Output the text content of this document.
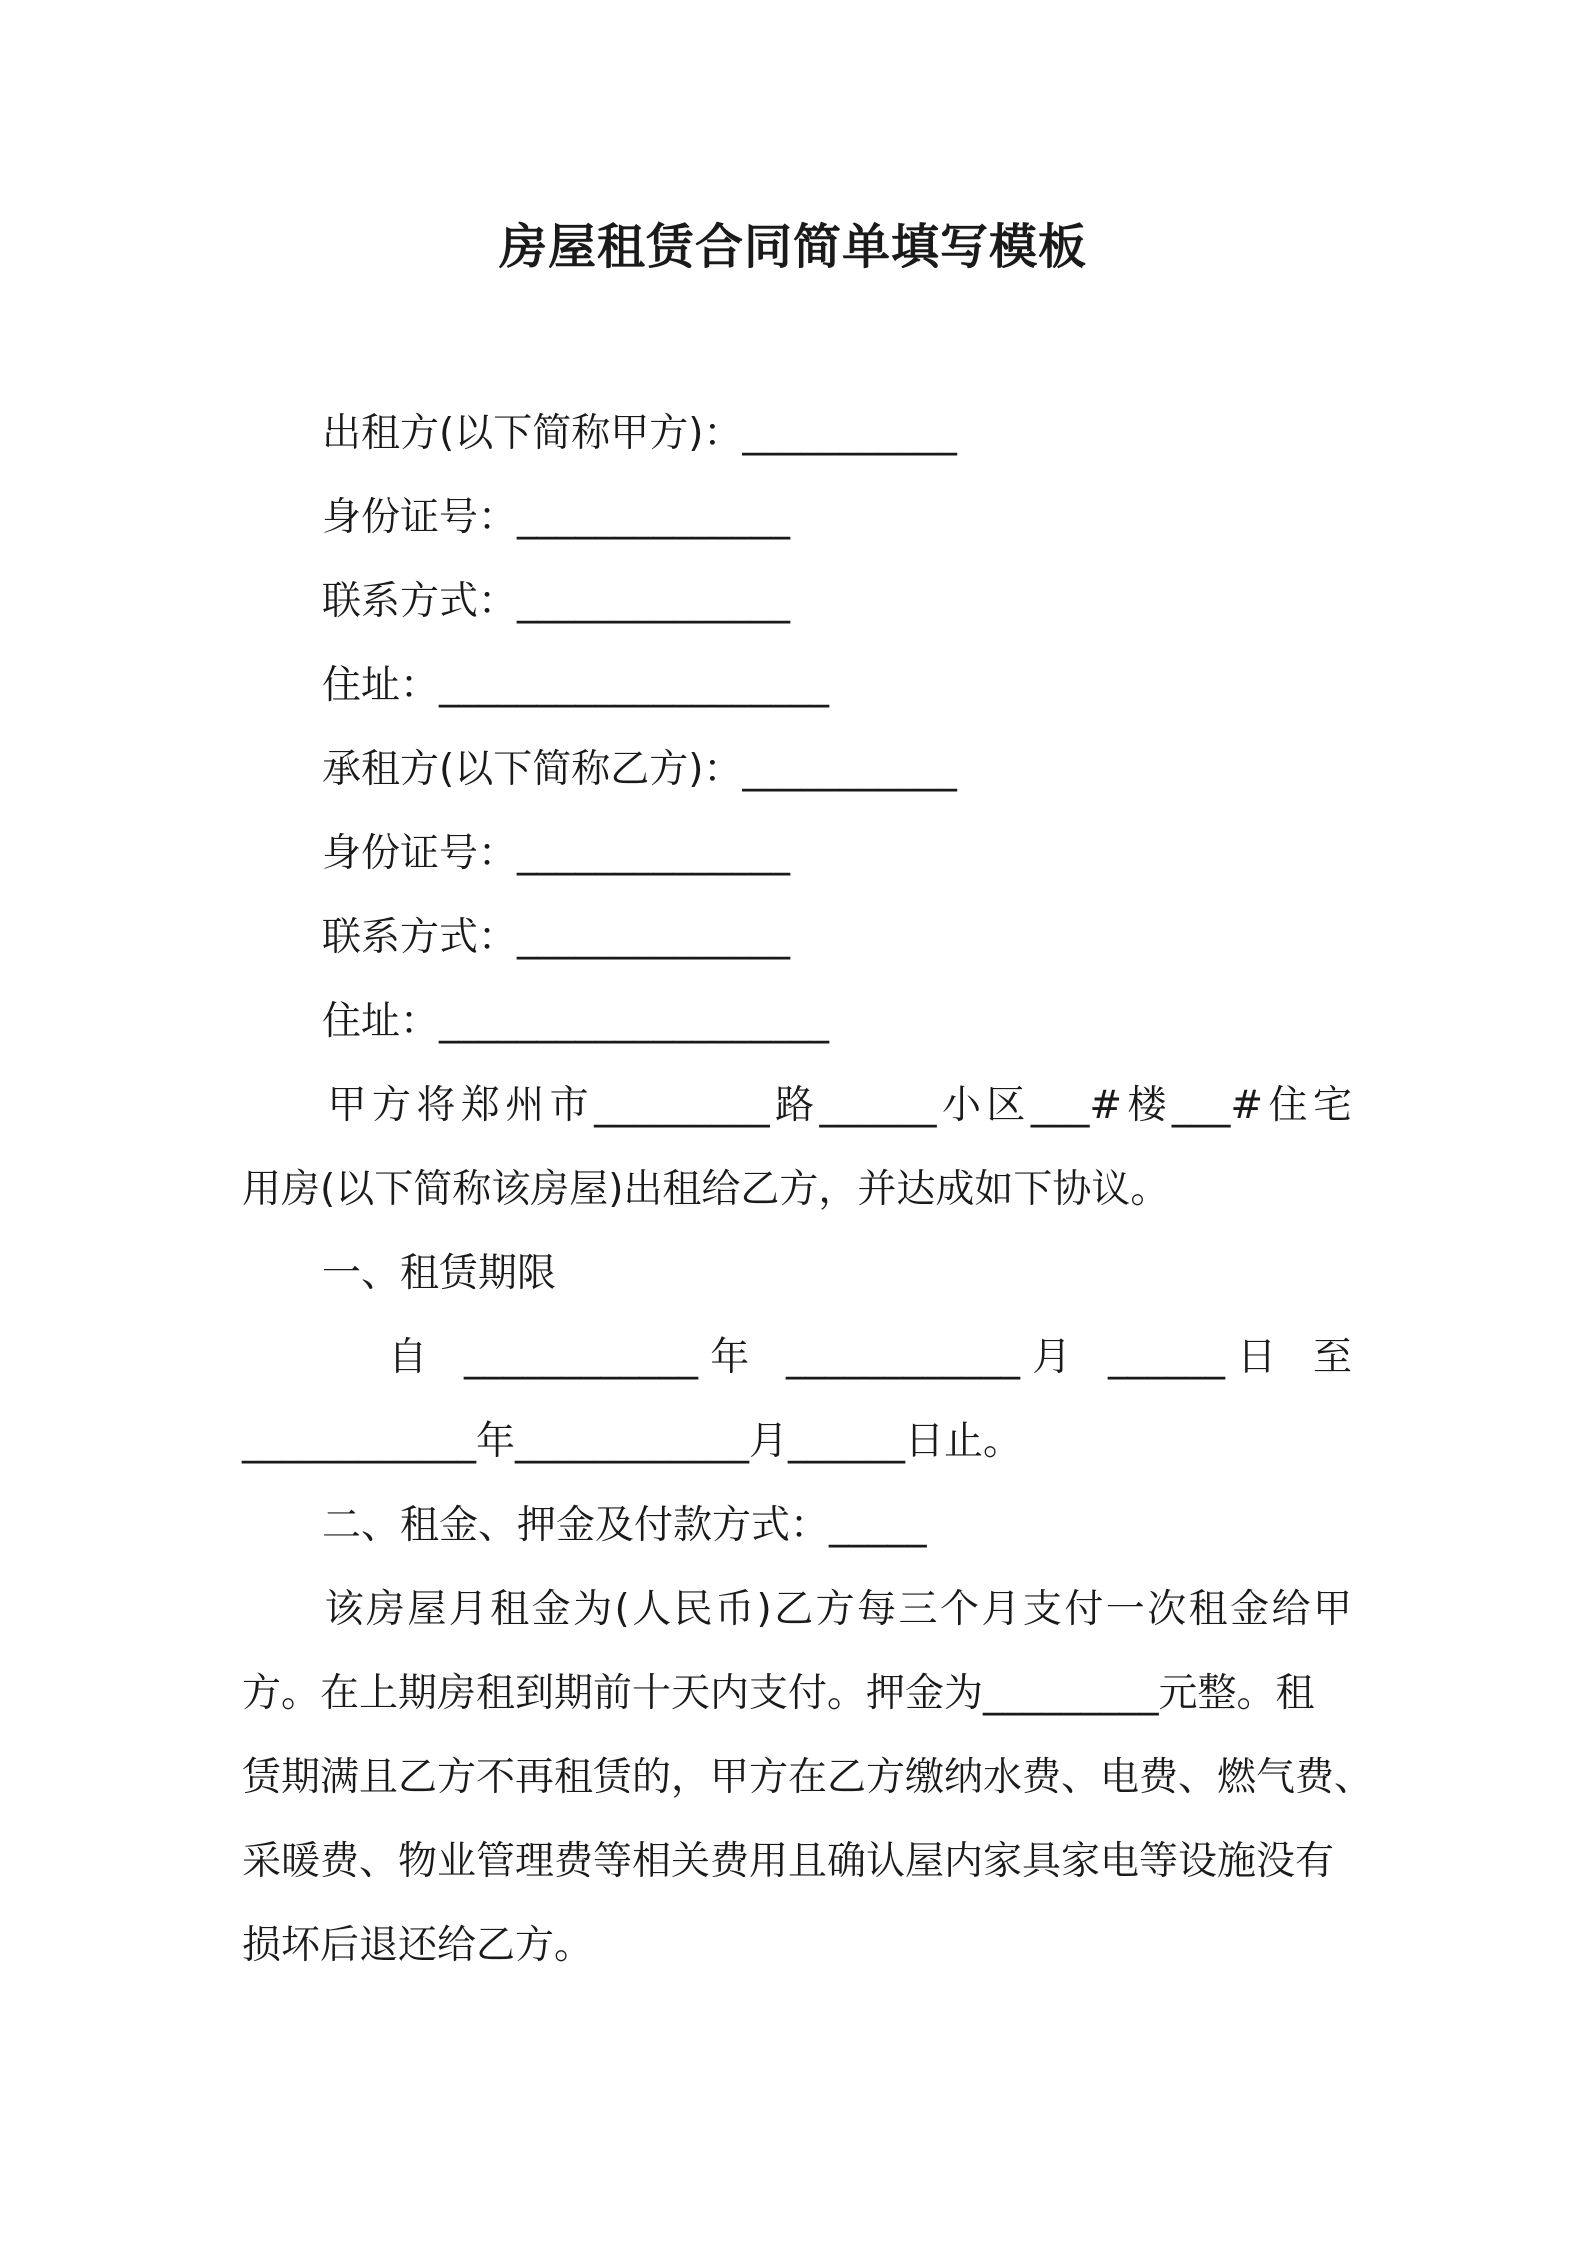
房屋租赁合同简单填写模板
出租方(以下简称甲方)：___________
身份证号：______________
联系方式：______________
住址：____________________
承租方(以下简称乙方)：___________
身份证号：______________
联系方式：______________
住址：____________________
甲方将郑州市_________路______小区___#楼___#住宅
用房(以下简称该房屋)出租给乙方，并达成如下协议。
一、租赁期限
自 ____________年 ____________月 ______日 至
____________年____________月______日止。
二、租金、押金及付款方式：_____
该房屋月租金为(人民币)乙方每三个月支付一次租金给甲
方。在上期房租到期前十天内支付。押金为_________元整。租
赁期满且乙方不再租赁的，甲方在乙方缴纳水费、电费、燃气费、
采暖费、物业管理费等相关费用且确认屋内家具家电等设施没有
损坏后退还给乙方。
